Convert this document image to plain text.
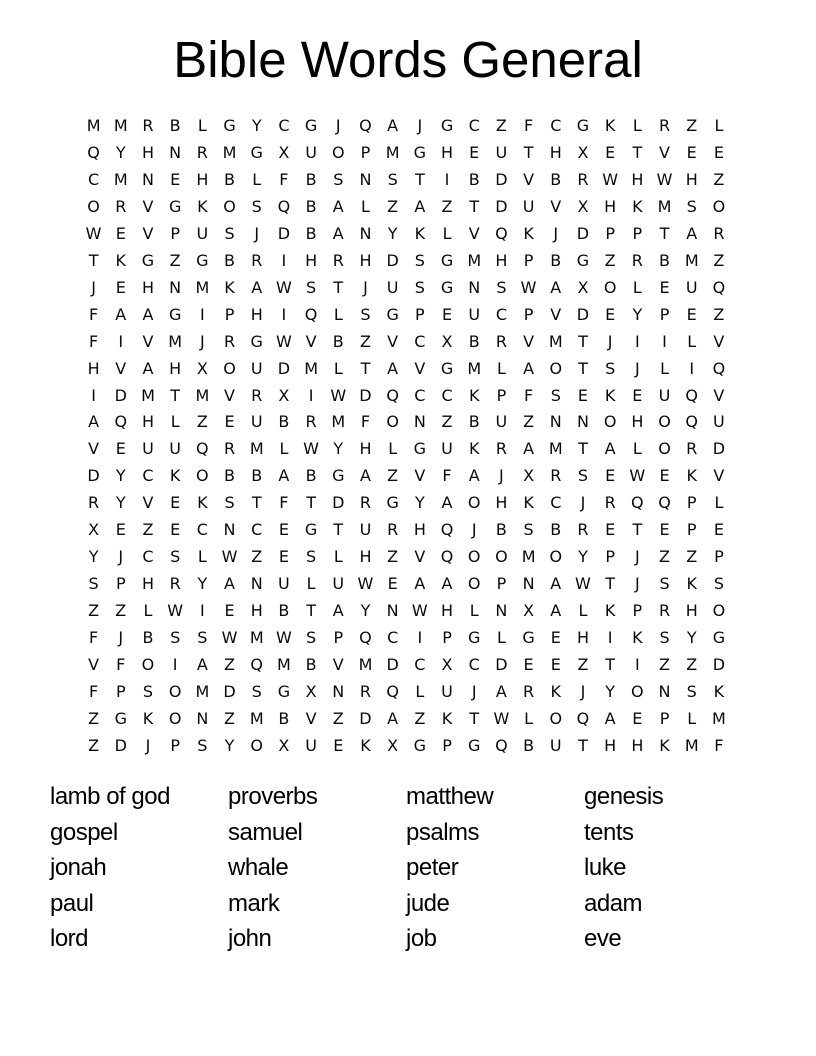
Bible Words General
M M R	B	L	G	Y	C G	J	Q A	J	G C	Z	F	C G K	L	R	Z	L
Q	Y	H N R M G X U O	P M G H	E	U	T	H X	E	T	V	E	E
C M N	E	H B	L	F	B	S	N	S	T	I	B D V	B	R W H W H Z
O R	V G K O S Q B	A	L	Z	A	Z	T	D U V	X H K M S O
W E	V	P	U	S	J	D B	A N	Y	K	L	V Q K	J	D	P	P	T	A	R
T	K G Z G B	R	I	H R H D S G M H	P	B G Z	R	B M Z
J	E	H N M K	A W S	T	J	U	S G N	S W A	X O	L	E	U Q
F	A	A G	I	P	H	I	Q	L	S G	P	E	U C	P	V D E	Y	P	E	Z
F	I	V M	J	R G W V	B	Z	V	C	X	B	R	V M T	J	I	I	L	V
H V	A H X O U D M L	T	A	V G M L	A O	T	S	J	L	I	Q
I	D M T M V	R	X	I	W D Q C	C	K	P	F	S	E	K	E	U Q V
A Q H	L	Z	E	U B	R M F	O N Z	B U Z N N O H O Q U
V	E	U U Q R M L W Y	H	L	G U	K	R	A M T	A	L	O R D
D	Y	C	K O B	B	A	B G A	Z	V	F	A	J	X	R	S	E W E	K	V
R	Y	V	E	K	S	T	F	T	D R G	Y	A O H K	C	J	R Q Q	P	L
X	E	Z	E	C N C	E G	T	U R H Q	J	B	S	B	R	E	T	E	P	E
Y	J	C	S	L W Z	E	S	L	H Z	V Q O O M O	Y	P	J	Z	Z	P
S	P	H R	Y	A N U	L	U W E	A	A O	P	N A W T	J	S	K	S
Z	Z	L W	I	E	H B	T	A	Y	N W H	L	N X	A	L	K	P	R H O
F	J	B	S	S W M W S	P	Q C	I	P	G	L	G E	H	I	K	S	Y	G
V	F	O	I	A	Z Q M B	V M D C	X	C D E	E	Z	T	I	Z	Z D
F	P	S O M D S G X N R Q	L	U	J	A	R	K	J	Y	O N	S	K
Z G K O N Z M B	V	Z D A	Z	K	T W L	O Q A	E	P	L M
Z D	J	P	S	Y	O X U	E	K	X G	P	G Q B U	T	H H K M F
lamb of god
gospel
jonah
paul
lord
proverbs
samuel
whale
mark
john
matthew
psalms
peter
jude
job
genesis
tents
luke
adam
eve
